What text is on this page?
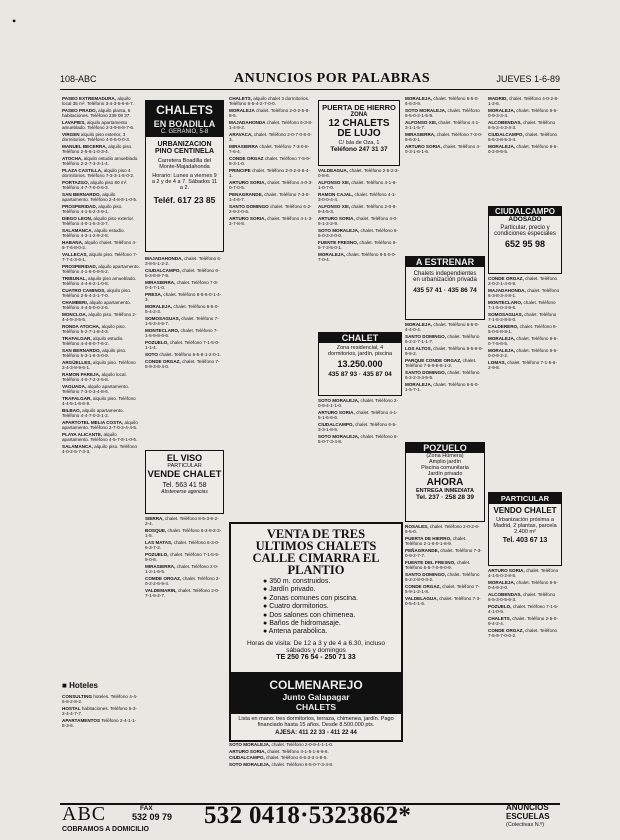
•
108-ABC	ANUNCIOS POR PALABRAS	JUEVES 1-6-89

PASEO EXTREMADURA, alquilo local 35 m². Teléfono 3-4-3-5-6-6-7.

PASEO PRADO, alquilo planta, 6 habitaciones. Teléfono 239 09 37.

LAVAPIES, alquilo apartamento amueblado. Teléfono 2-3-9-8-8-7-6.

VIRGEN alquilo piso exterior, 3 dormitorios. Teléfono 4-0-5-0-0-3.

MANUEL BECERRA, alquilo piso. Teléfono 2-5-6-1-0-3-4.

ATOCHA, alquilo estudio amueblado. Teléfono 2-2-7-3-3-1-4.

PLAZA CASTILLA, alquilo piso 4 dormitorios. Teléfono 7-3-3-1-5-0-2.

PORTAZGO, alquilo piso 80 m². Teléfono 4-7-7-0-0-6-3.

SAN BERNARDO, alquilo apartamento. Teléfono 2-4-8-8-1-0-5.

PROSPERIDAD, alquilo piso. Teléfono 4-1-5-2-3-9-1.

DIEGO LEON, alquilo piso exterior. Teléfono 4-0-1-5-3-3-7.

SALAMANCA, alquilo estudio. Teléfono 4-3-1-2-9-2-8.

HABANA, alquilo chalet. Teléfono 4-5-7-6-8-0-2.

VALLECAS, alquilo piso. Teléfono 7-7-7-4-3-6-1.

PROSPERIDAD, alquilo apartamento. Teléfono 4-1-6-0-9-5-2.

TRIBUNAL, alquilo piso amueblado. Teléfono 4-4-6-2-1-0-8.

CUATRO CAMINOS, alquilo piso. Teléfono 2-5-4-3-1-7-0.

CHAMBERI, alquilo apartamento. Teléfono 4-4-5-0-0-2-6.

MONCLOA, alquilo piso. Teléfono 2-4-4-9-3-5-5.

RONDA ATOCHA, alquilo piso. Teléfono 5-2-7-1-8-4-3.

TRAFALGAR, alquilo estudio. Teléfono 4-4-8-0-7-6-2.

SAN BERNARDO, alquilo piso. Teléfono 5-3-1-6-3-0-9.

ARGÜELLES, alquilo piso. Teléfono 2-4-3-8-9-6-1.

RAMON PAREJA, alquilo local. Teléfono 4-0-7-2-2-5-8.

VAGUADA, alquilo apartamento. Teléfono 7-3-0-3-4-8-6.

TRAFALGAR, alquilo piso. Teléfono 4-4-5-1-6-6-9.

BILBAO, alquilo apartamento. Teléfono 4-4-7-0-3-1-2.

APARTOTEL MELIA COSTA, alquilo apartamento. Teléfono 2-7-0-3-4-4-5.

PLAYA ALICANTE, alquilo apartamento. Teléfono 4-5-7-8-1-0-6.

SALAMANCA, alquilo piso. Teléfono 4-0-2-5-7-3-3.

■ Hoteles

CONSULTING hoteles. Teléfono 4-4-5-5-2-8-2.

HOSTAL habitaciones. Teléfono 5-3-2-4-4-7-7.

APARTAMENTOS Teléfono 2-4-1-1-8-3-6.

CHALETS
EN BOADILLA
C. GERANIO, 5-8
URBANIZACION
PINO CENTINELA
Carretera Boadilla del Monte-Majadahonda
Horario: Lunes a viernes 9 a 2 y de 4 a 7. Sábados 11 a 2.
Teléf. 617 23 85

MAJADAHONDA, chalet. Teléfono 6-3-8-5-1-2-2.

CIUDALCAMPO, chalet. Teléfono 6-5-3-8-9-7-9.

MIRASIERRA, chalet. Teléfono 7-3-0-4-7-1-0.

PRESA, chalet. Teléfono 8-5-6-0-1-4-3.

MORALEJA, chalet. Teléfono 6-5-0-5-4-2-3.

SOMOSAGUAS, chalet. Teléfono 7-1-5-3-4-5-7.

MONTECLARO, chalet. Teléfono 7-1-5-9-8-6-6.

POZUELO, chalet. Teléfono 7-1-5-0-1-1-4.

SOTO chalet. Teléfono 6-5-8-1-2-0-1.

CONDE ORGAZ, chalet. Teléfono 7-5-9-3-6-4-0.

EL VISO
PARTICULAR
VENDE CHALET
Tel. 563 41 58
Abstenerse agencias

SIERRA, chalet. Teléfono 8-5-3-6-2-2-4.

BOSQUE, chalet. Teléfono 6-3-9-2-3-1-5.

LAS MATAS, chalet. Teléfono 6-3-0-6-3-7-2.

POZUELO, chalet. Teléfono 7-1-5-5-9-0-8.

MIRASIERRA, chalet. Teléfono 2-0-1-2-1-6-5.

COMDE ORGAZ, chalet. Teléfono 2-0-2-2-6-9-4.

VALDEMARIN, chalet. Teléfono 2-0-7-1-9-2-7.

CHALETS, alquilo chalet 3 dormitorios. Teléfono 6-5-4-2-7-0-0.

MORALEJA chalet. Teléfono 2-0-2-5-8-8-5.

MAJADAHONDA chalet. Teléfono 6-3-8-1-4-9-2.

ARAVACA, chalet. Teléfono 2-0-7-0-6-0-3.

MIRASIERRA chalet. Teléfono 7-3-0-8-7-6-4.

CONDE ORGAZ chalet. Teléfono 7-5-9-8-3-1-0.

PRINCIPE chalet. Teléfono 2-0-2-0-6-4-1.

ARTURO SORIA, chalet. Teléfono 4-0-3-0-7-0-5.

PENAGRANDE, chalet. Teléfono 7-3-0-1-4-6-7.

SANTO DOMINGO chalet. Teléfono 6-2-2-9-2-0-6.

ARTURO SORIA, chalet. Teléfono 4-1-3-2-7-8-8.

PUERTA DE HIERRO
ZONA
12 CHALETS DE LUJO
C/ Isla de Oza, 1
Teléfono 247 31 37

VALDEAGUA, chalet. Teléfono 2-5-2-3-0-8-6.

ALFONSO XIII, chalet. Teléfono 4-1-6-1-0-7-0.

RAMON CAJAL, chalet. Teléfono 4-1-3-0-0-4-4.

ALFONSO XIII, chalet. Teléfono 2-0-8-9-4-5-3.

ARTURO SORIA, chalet. Teléfono 4-0-5-1-2-2-9.

SOTO MORALEJA, chalet. Teléfono 6-5-0-3-2-0-0.

FUENTE FRESNO, chalet. Teléfono 6-5-7-3-5-0-1.

MORALEJA, chalet. Teléfono 6-5-0-0-7-0-4.

CHALET
Zona residencial, 4 dormitorios, jardín, piscina
13.250.000
435 87 93 · 435 87 04

SOTO MORALEJA, chalet. Teléfono 2-0-9-4-1-1-0.

ARTURO SORIA, chalet. Teléfono 4-1-5-1-6-6-6.

CIUDALCAMPO, chalet. Teléfono 6-5-3-3-1-8-5.

SOTO MORALEJA, chalet. Teléfono 6-5-0-7-3-4-8.

MORALEJA, chalet. Teléfono 6-5-0-6-6-3-9.

SOTO MORALEJA, chalet. Teléfono 6-5-0-2-1-5-9.

ALFONSO XIII, chalet. Teléfono 4-1-3-1-1-5-7.

MIRASIERRA, chalet. Teléfono 7-3-0-6-6-3-1.

ARTURO SORIA, chalet. Teléfono 4-0-3-1-6-1-6.

A ESTRENAR
Chalets independientes en urbanización privada
435 57 41 · 435 86 74

MORALEJA, chalet. Teléfono 6-5-0-4-4-0-4.

SANTO DOMINGO, chalet. Teléfono 6-2-2-7-1-1-7.

LOS ALTOS, chalet. Teléfono 8-5-9-0-9-5-2.

PARQUE CONDE ORGAZ, chalet. Teléfono 7-5-9-8-8-1-3.

SANTO DOMINGO, chalet. Teléfono 6-2-2-3-4-5-5.

MORALEJA, chalet. Teléfono 6-5-0-1-5-7-1.

POZUELO
(Zona Húmera)
Amplio jardín
Piscina comunitaria
Jardín privado
AHORA
ENTREGA INMEDIATA
Tel. 237 · 258 28 39

ROSALES, chalet. Teléfono 2-0-2-6-6-5-0.

PUERTA DE HIERRO, chalet. Teléfono 2-1-6-0-1-8-9.

PEÑAGRANDE, chalet. Teléfono 7-3-0-9-2-7-7.

FUENTE DEL FRESNO, chalet. Teléfono 6-5-7-0-9-0-9.

SANTO DOMINGO, chalet. Teléfono 6-2-2-8-0-3-2.

CONDE ORGAZ, chalet. Teléfono 7-5-9-1-2-1-8.

VALDELAGUA, chalet. Teléfono 7-3-0-5-4-1-6.

MADRID, chalet. Teléfono 4-0-2-8-1-2-6.

MORALEJA, chalet. Teléfono 6-5-0-9-3-3-4.

ALCOBENDAS, chalet. Teléfono 6-5-2-4-2-4-3.

CIUDALCAMPO, chalet. Teléfono 6-5-3-8-5-3-4.

MORALEJA, chalet. Teléfono 6-5-0-2-9-6-5.

CIUDALCAMPO
ADOSADO
Particular, precio y condiciones especiales
652 95 98

CONDE ORGAZ, chalet. Teléfono 2-0-2-1-4-6-9.

MAJADAHONDA, chalet. Teléfono 6-3-8-3-4-8-1.

MONTECLARO, chalet. Teléfono 7-1-5-0-4-9-6.

SOMOSAGUAS, chalet. Teléfono 7-1-5-2-8-5-0.

CALDERERO, chalet. Teléfono 6-5-0-5-8-8-1.

MORALEJA, chalet. Teléfono 6-5-0-7-5-6-5.

MORALEJA, chalet. Teléfono 6-5-0-0-9-2-2.

LOMAS, chalet. Teléfono 7-1-5-6-2-9-8.

PARTICULAR
VENDO CHALET
Urbanización próxima a Madrid, 2 plantas, parcela 2.400 m²
Tel. 403 67 13

ARTURO SORIA, chalet. Teléfono 4-1-5-0-2-8-5.

MORALEJA, chalet. Teléfono 6-5-0-4-9-2-0.

ALCOBENDAS, chalet. Teléfono 6-5-3-0-5-6-3.

POZUELO, chalet. Teléfono 7-1-5-4-1-0-9.

CHALETS, chalet. Teléfono 2-5-0-9-4-2-4.

CONDE ORGAZ, chalet. Teléfono 7-5-9-7-0-0-2.

VENTA DE TRES ULTIMOS CHALETS CALLE CIMARRA EL PLANTIO
● 350 m. construidos.
● Jardín privado.
● Zonas comunes con piscina.
● Cuatro dormitorios.
● Dos salones con chimenea.
● Baños de hidromasaje.
● Antena parabólica.
Horas de visita: De 12 a 3 y de 4 a 6.30, incluso sábados y domingos
TE 250 76 54 - 250 71 33
COLMENAREJO
Junto Galapagar
CHALETS
Lista en mano: tres dormitorios, terraza, chimenea, jardín. Pago financiado hasta 15 años. Desde 8.500.000 pts.
AJESA: 411 22 33 - 411 22 44

SOTO MORALEJA, chalet. Teléfono 2-0-9-4-1-1-0.

ARTURO SORIA, chalet. Teléfono 4-1-5-1-6-6-6.

CIUDALCAMPO, chalet. Teléfono 6-5-3-3-1-8-5.

SOTO MORALEJA, chalet. Teléfono 6-5-0-7-3-4-8.

ABC	FAX
532 09 79
COBRAMOS A DOMICILIO
532 0418·5323862*	ANUNCIOS
ESCUELAS
(Colectivas N.º)
